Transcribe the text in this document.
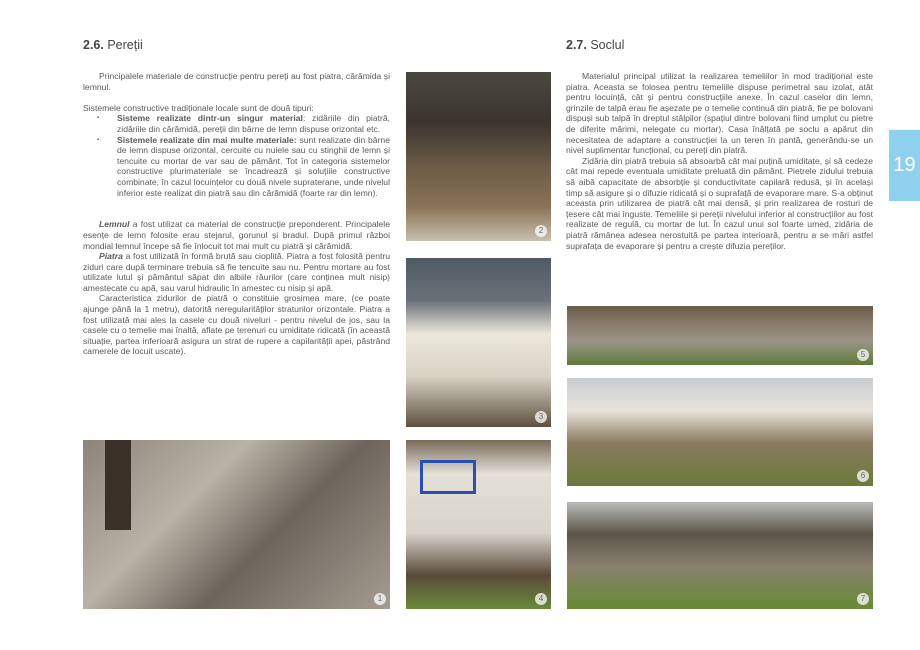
2.6. Pereții

Principalele materiale de construcție pentru pereți au fost piatra, cărămida și lemnul.

Sistemele constructive tradiționale locale sunt de două tipuri:

▪ Sisteme realizate dintr-un singur material: zidăriile din piatră, zidăriile din cărămidă, pereții din bârne de lemn dispuse orizontal etc.
▪ Sistemele realizate din mai multe materiale: sunt realizate din bârne de lemn dispuse orizontal, cercuite cu nuiele sau cu stinghii de lemn și tencuite cu mortar de var sau de pământ. Tot în categoria sistemelor constructive plurimateriale se încadrează și soluțiile constructive combinate, în cazul locuințelor cu două nivele supraterane, unde nivelul inferior este realizat din piatră sau din cărămidă (foarte rar din lemn).

Lemnul a fost utilizat ca material de construcție preponderent. Principalele esențe de lemn folosite erau stejarul, gorunul și bradul. După primul război mondial lemnul începe să fie înlocuit tot mai mult cu piatră și cărămidă.

Piatra a fost utilizată în formă brută sau cioplită. Piatra a fost folosită pentru ziduri care după terminare trebuia să fie tencuite sau nu. Pentru mortare au fost utilizate lutul și pământul săpat din albiile râurilor (care conținea mult nisip) amestecate cu apă, sau varul hidraulic în amestec cu nisip și apă.

Caracteristica zidurilor de piatră o constituie grosimea mare, (ce poate ajunge până la 1 metru), datorită neregularităților straturilor orizontale. Piatra a fost utilizată mai ales la casele cu două niveluri - pentru nivelul de jos, sau la casele cu o temelie mai înaltă, aflate pe terenuri cu umiditate ridicată (în această situație, partea inferioară asigura un strat de rupere a capilarității apei, păstrând camerele de locuit uscate).

2.7. Soclul

Materialul principal utilizat la realizarea temeliilor în mod tradițional este piatra. Aceasta se folosea pentru temeliile dispuse perimetral sau izolat, atât pentru locuință, cât și pentru construcțiile anexe. În cazul caselor din lemn, grinzile de talpă erau fie așezate pe o temelie continuă din piatră, fie pe bolovani dispuși sub talpă în dreptul stâlpilor (spațiul dintre bolovani fiind umplut cu pietre de diferite mărimi, nelegate cu mortar). Casa înălțată pe soclu a apărut din necesitatea de adaptare a construcției la un teren în pantă, generându-se un nivel suplimentar funcțional, cu pereți din piatră.

Zidăria din piatră trebuia să absoarbă cât mai puțină umiditate, și să cedeze cât mai repede eventuala umiditate preluată din pământ. Pietrele zidului trebuia să aibă capacitate de absorbție și conductivitate capilară redusă, și în același timp să asigure și o difuzie ridicată și o suprafață de evaporare mare. S-a obținut aceasta prin utilizarea de piatră cât mai densă, și prin realizarea de rosturi de țesere cât mai înguste. Temeliile și pereții nivelului inferior al construcțiilor au fost realizate de regulă, cu mortar de lut. În cazul unui sol foarte umed, zidăria de piatră rămânea adesea nerostuită pe partea interioară, pentru a se mări astfel suprafața de evaporare și pentru a crește difuzia pereților.

1
2
3
4
5
6
7
19
